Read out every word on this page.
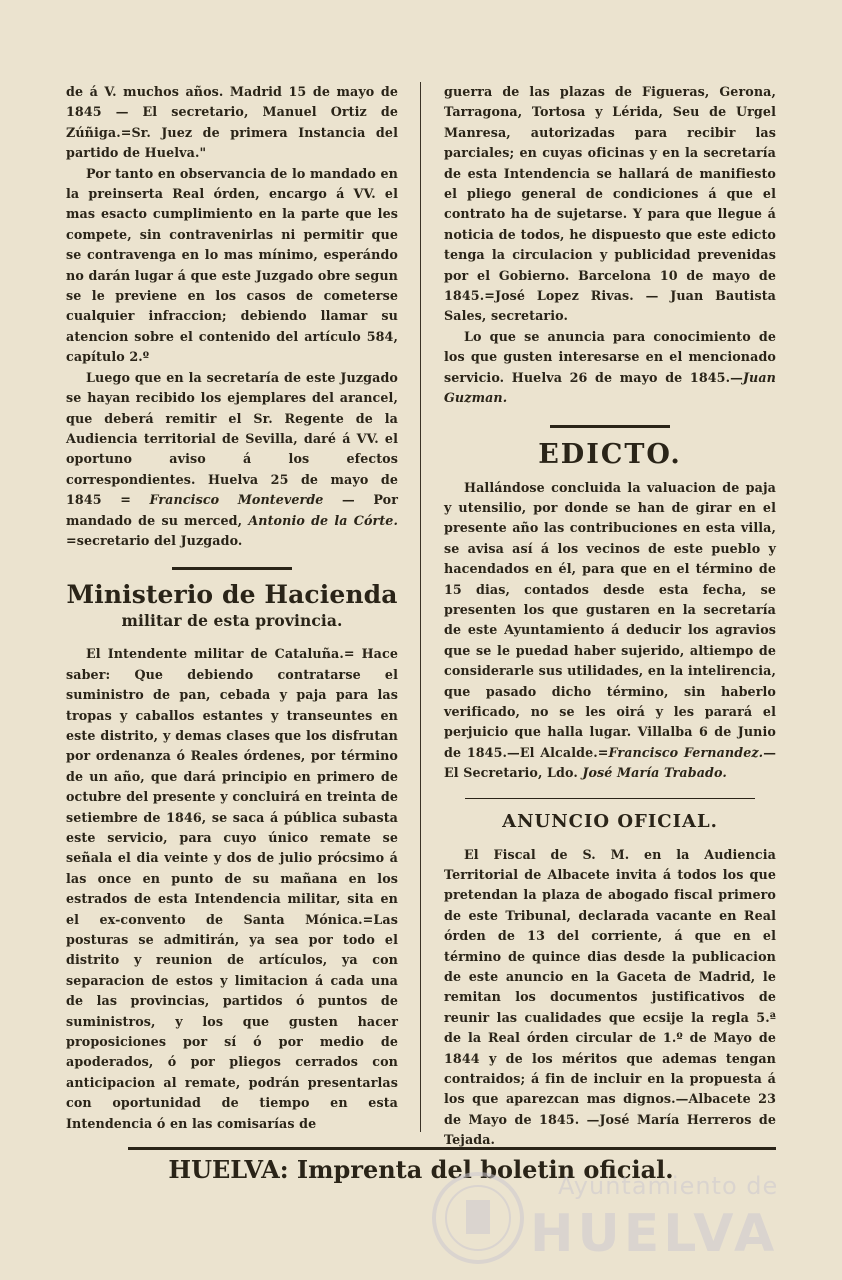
de á V. muchos años. Madrid 15 de mayo de 1845 — El secretario, Manuel Ortiz de Zúñiga.=Sr. Juez de primera Instancia del partido de Huelva."

Por tanto en observancia de lo mandado en la preinserta Real órden, encargo á VV. el mas esacto cumplimiento en la parte que les compete, sin contravenirlas ni permitir que se contravenga en lo mas mínimo, esperándo no darán lugar á que este Juzgado obre segun se le previene en los casos de cometerse cualquier infraccion; debiendo llamar su atencion sobre el contenido del artículo 584, capítulo 2.º

Luego que en la secretaría de este Juzgado se hayan recibido los ejemplares del arancel, que deberá remitir el Sr. Regente de la Audiencia territorial de Sevilla, daré á VV. el oportuno aviso á los efectos correspondientes. Huelva 25 de mayo de 1845 = Francisco Monteverde — Por mandado de su merced, Antonio de la Córte. =secretario del Juzgado.

Ministerio de Hacienda
militar de esta provincia.

El Intendente militar de Cataluña.= Hace saber: Que debiendo contratarse el suministro de pan, cebada y paja para las tropas y caballos estantes y transeuntes en este distrito, y demas clases que los disfrutan por ordenanza ó Reales órdenes, por término de un año, que dará principio en primero de octubre del presente y concluirá en treinta de setiembre de 1846, se saca á pública subasta este servicio, para cuyo único remate se señala el dia veinte y dos de julio prócsimo á las once en punto de su mañana en los estrados de esta Intendencia militar, sita en el ex-convento de Santa Mónica.=Las posturas se admitirán, ya sea por todo el distrito y reunion de artículos, ya con separacion de estos y limitacion á cada una de las provincias, partidos ó puntos de suministros, y los que gusten hacer proposiciones por sí ó por medio de apoderados, ó por pliegos cerrados con anticipacion al remate, podrán presentarlas con oportunidad de tiempo en esta Intendencia ó en las comisarías de

guerra de las plazas de Figueras, Gerona, Tarragona, Tortosa y Lérida, Seu de Urgel Manresa, autorizadas para recibir las parciales; en cuyas oficinas y en la secretaría de esta Intendencia se hallará de manifiesto el pliego general de condiciones á que el contrato ha de sujetarse. Y para que llegue á noticia de todos, he dispuesto que este edicto tenga la circulacion y publicidad prevenidas por el Gobierno. Barcelona 10 de mayo de 1845.=José Lopez Rivas. — Juan Bautista Sales, secretario.

Lo que se anuncia para conocimiento de los que gusten interesarse en el mencionado servicio. Huelva 26 de mayo de 1845.—Juan Guzman.

EDICTO.

Hallándose concluida la valuacion de paja y utensilio, por donde se han de girar en el presente año las contribuciones en esta villa, se avisa así á los vecinos de este pueblo y hacendados en él, para que en el término de 15 dias, contados desde esta fecha, se presenten los que gustaren en la secretaría de este Ayuntamiento á deducir los agravios que se le puedad haber sujerido, altiempo de considerarle sus utilidades, en la intelirencia, que pasado dicho término, sin haberlo verificado, no se les oirá y les parará el perjuicio que halla lugar. Villalba 6 de Junio de 1845.—El Alcalde.=Francisco Fernandez.—El Secretario, Ldo. José María Trabado.

ANUNCIO OFICIAL.

El Fiscal de S. M. en la Audiencia Territorial de Albacete invita á todos los que pretendan la plaza de abogado fiscal primero de este Tribunal, declarada vacante en Real órden de 13 del corriente, á que en el término de quince dias desde la publicacion de este anuncio en la Gaceta de Madrid, le remitan los documentos justificativos de reunir las cualidades que ecsije la regla 5.ª de la Real órden circular de 1.º de Mayo de 1844 y de los méritos que ademas tengan contraidos; á fin de incluir en la propuesta á los que aparezcan mas dignos.—Albacete 23 de Mayo de 1845. —José María Herreros de Tejada.

HUELVA: Imprenta del boletin oficial.
Ayuntamiento de
HUELVA
